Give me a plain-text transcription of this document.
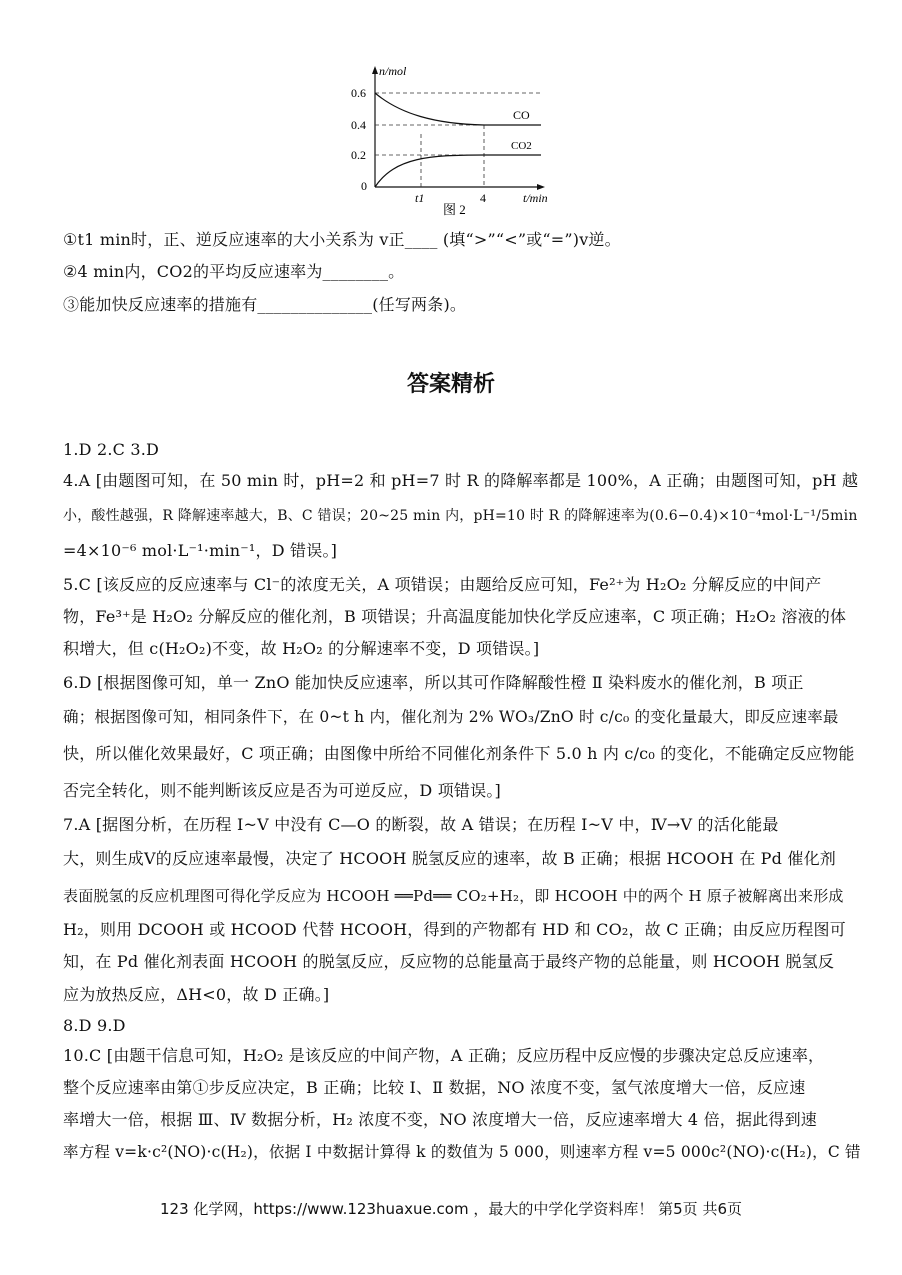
n/mol
0.6
0.4
0.2
0
t1	4	t/min
CO
CO2
图 2
①t1 min时，正、逆反应速率的大小关系为 v正____ (填“>”“<”或“=”)v逆。
②4 min内，CO2的平均反应速率为________。
③能加快反应速率的措施有______________(任写两条)。
答案精析
1.D 2.C 3.D
4.A [由题图可知，在 50 min 时，pH=2 和 pH=7 时 R 的降解率都是 100%，A 正确；由题图可知，pH 越
小，酸性越强，R 降解速率越大，B、C 错误；20~25 min 内，pH=10 时 R 的降解速率为(0.6−0.4)×10⁻⁴mol·L⁻¹/5min
=4×10⁻⁶ mol·L⁻¹·min⁻¹，D 错误。]
5.C [该反应的反应速率与 Cl⁻的浓度无关，A 项错误；由题给反应可知，Fe²⁺为 H₂O₂ 分解反应的中间产
物，Fe³⁺是 H₂O₂ 分解反应的催化剂，B 项错误；升高温度能加快化学反应速率，C 项正确；H₂O₂ 溶液的体
积增大，但 c(H₂O₂)不变，故 H₂O₂ 的分解速率不变，D 项错误。]
6.D [根据图像可知，单一 ZnO 能加快反应速率，所以其可作降解酸性橙 Ⅱ 染料废水的催化剂，B 项正
确；根据图像可知，相同条件下，在 0~t h 内，催化剂为 2% WO₃/ZnO 时 c/c₀ 的变化量最大，即反应速率最
快，所以催化效果最好，C 项正确；由图像中所给不同催化剂条件下 5.0 h 内 c/c₀ 的变化，不能确定反应物能
否完全转化，则不能判断该反应是否为可逆反应，D 项错误。]
7.A [据图分析，在历程 Ⅰ~Ⅴ 中没有 C—O 的断裂，故 A 错误；在历程 Ⅰ~Ⅴ 中，Ⅳ→Ⅴ 的活化能最
大，则生成Ⅴ的反应速率最慢，决定了 HCOOH 脱氢反应的速率，故 B 正确；根据 HCOOH 在 Pd 催化剂
表面脱氢的反应机理图可得化学反应为 HCOOH ══Pd══ CO₂+H₂，即 HCOOH 中的两个 H 原子被解离出来形成
H₂，则用 DCOOH 或 HCOOD 代替 HCOOH，得到的产物都有 HD 和 CO₂，故 C 正确；由反应历程图可
知，在 Pd 催化剂表面 HCOOH 的脱氢反应，反应物的总能量高于最终产物的总能量，则 HCOOH 脱氢反
应为放热反应，ΔH<0，故 D 正确。]
8.D 9.D
10.C [由题干信息可知，H₂O₂ 是该反应的中间产物，A 正确；反应历程中反应慢的步骤决定总反应速率，
整个反应速率由第①步反应决定，B 正确；比较 Ⅰ、Ⅱ 数据，NO 浓度不变，氢气浓度增大一倍，反应速
率增大一倍，根据 Ⅲ、Ⅳ 数据分析，H₂ 浓度不变，NO 浓度增大一倍，反应速率增大 4 倍，据此得到速
率方程 v=k·c²(NO)·c(H₂)，依据 Ⅰ 中数据计算得 k 的数值为 5 000，则速率方程 v=5 000c²(NO)·c(H₂)，C 错
123 化学网，https://www.123huaxue.com ，最大的中学化学资料库！ 第5页 共6页
